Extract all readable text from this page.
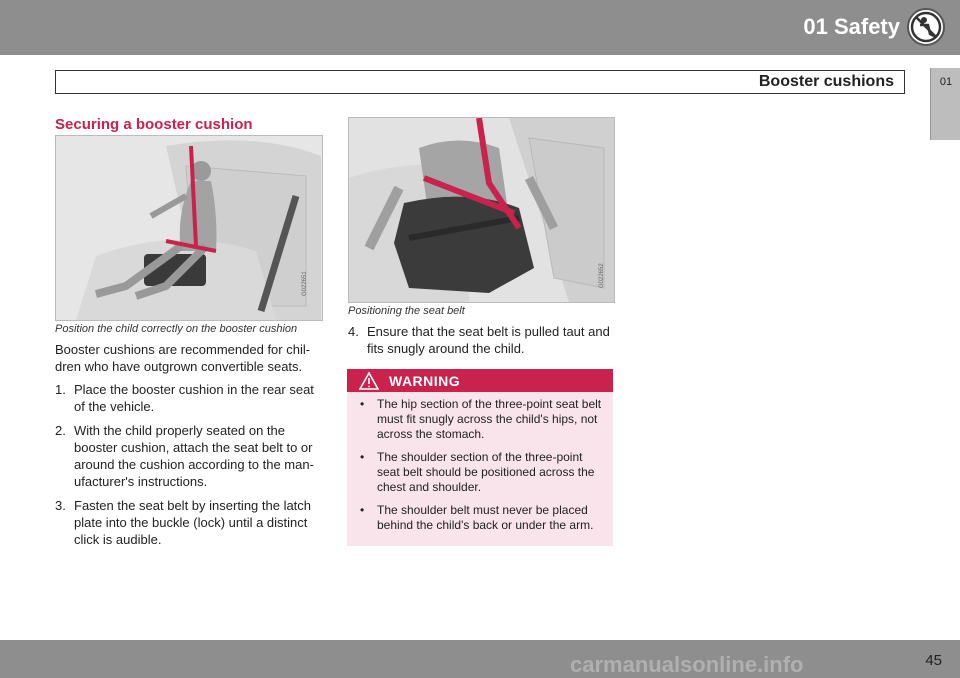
01 Safety
Booster cushions	01
Securing a booster cushion
G022651
Position the child correctly on the booster cushion
Booster cushions are recommended for chil-dren who have outgrown convertible seats.
1. Place the booster cushion in the rear seat of the vehicle.
2. With the child properly seated on the booster cushion, attach the seat belt to or around the cushion according to the man-ufacturer's instructions.
3. Fasten the seat belt by inserting the latch plate into the buckle (lock) until a distinct click is audible.
G022652
Positioning the seat belt
4. Ensure that the seat belt is pulled taut and fits snugly around the child.
WARNING
• The hip section of the three-point seat belt must fit snugly across the child's hips, not across the stomach.
• The shoulder section of the three-point seat belt should be positioned across the chest and shoulder.
• The shoulder belt must never be placed behind the child's back or under the arm.
45
carmanualsonline.info
